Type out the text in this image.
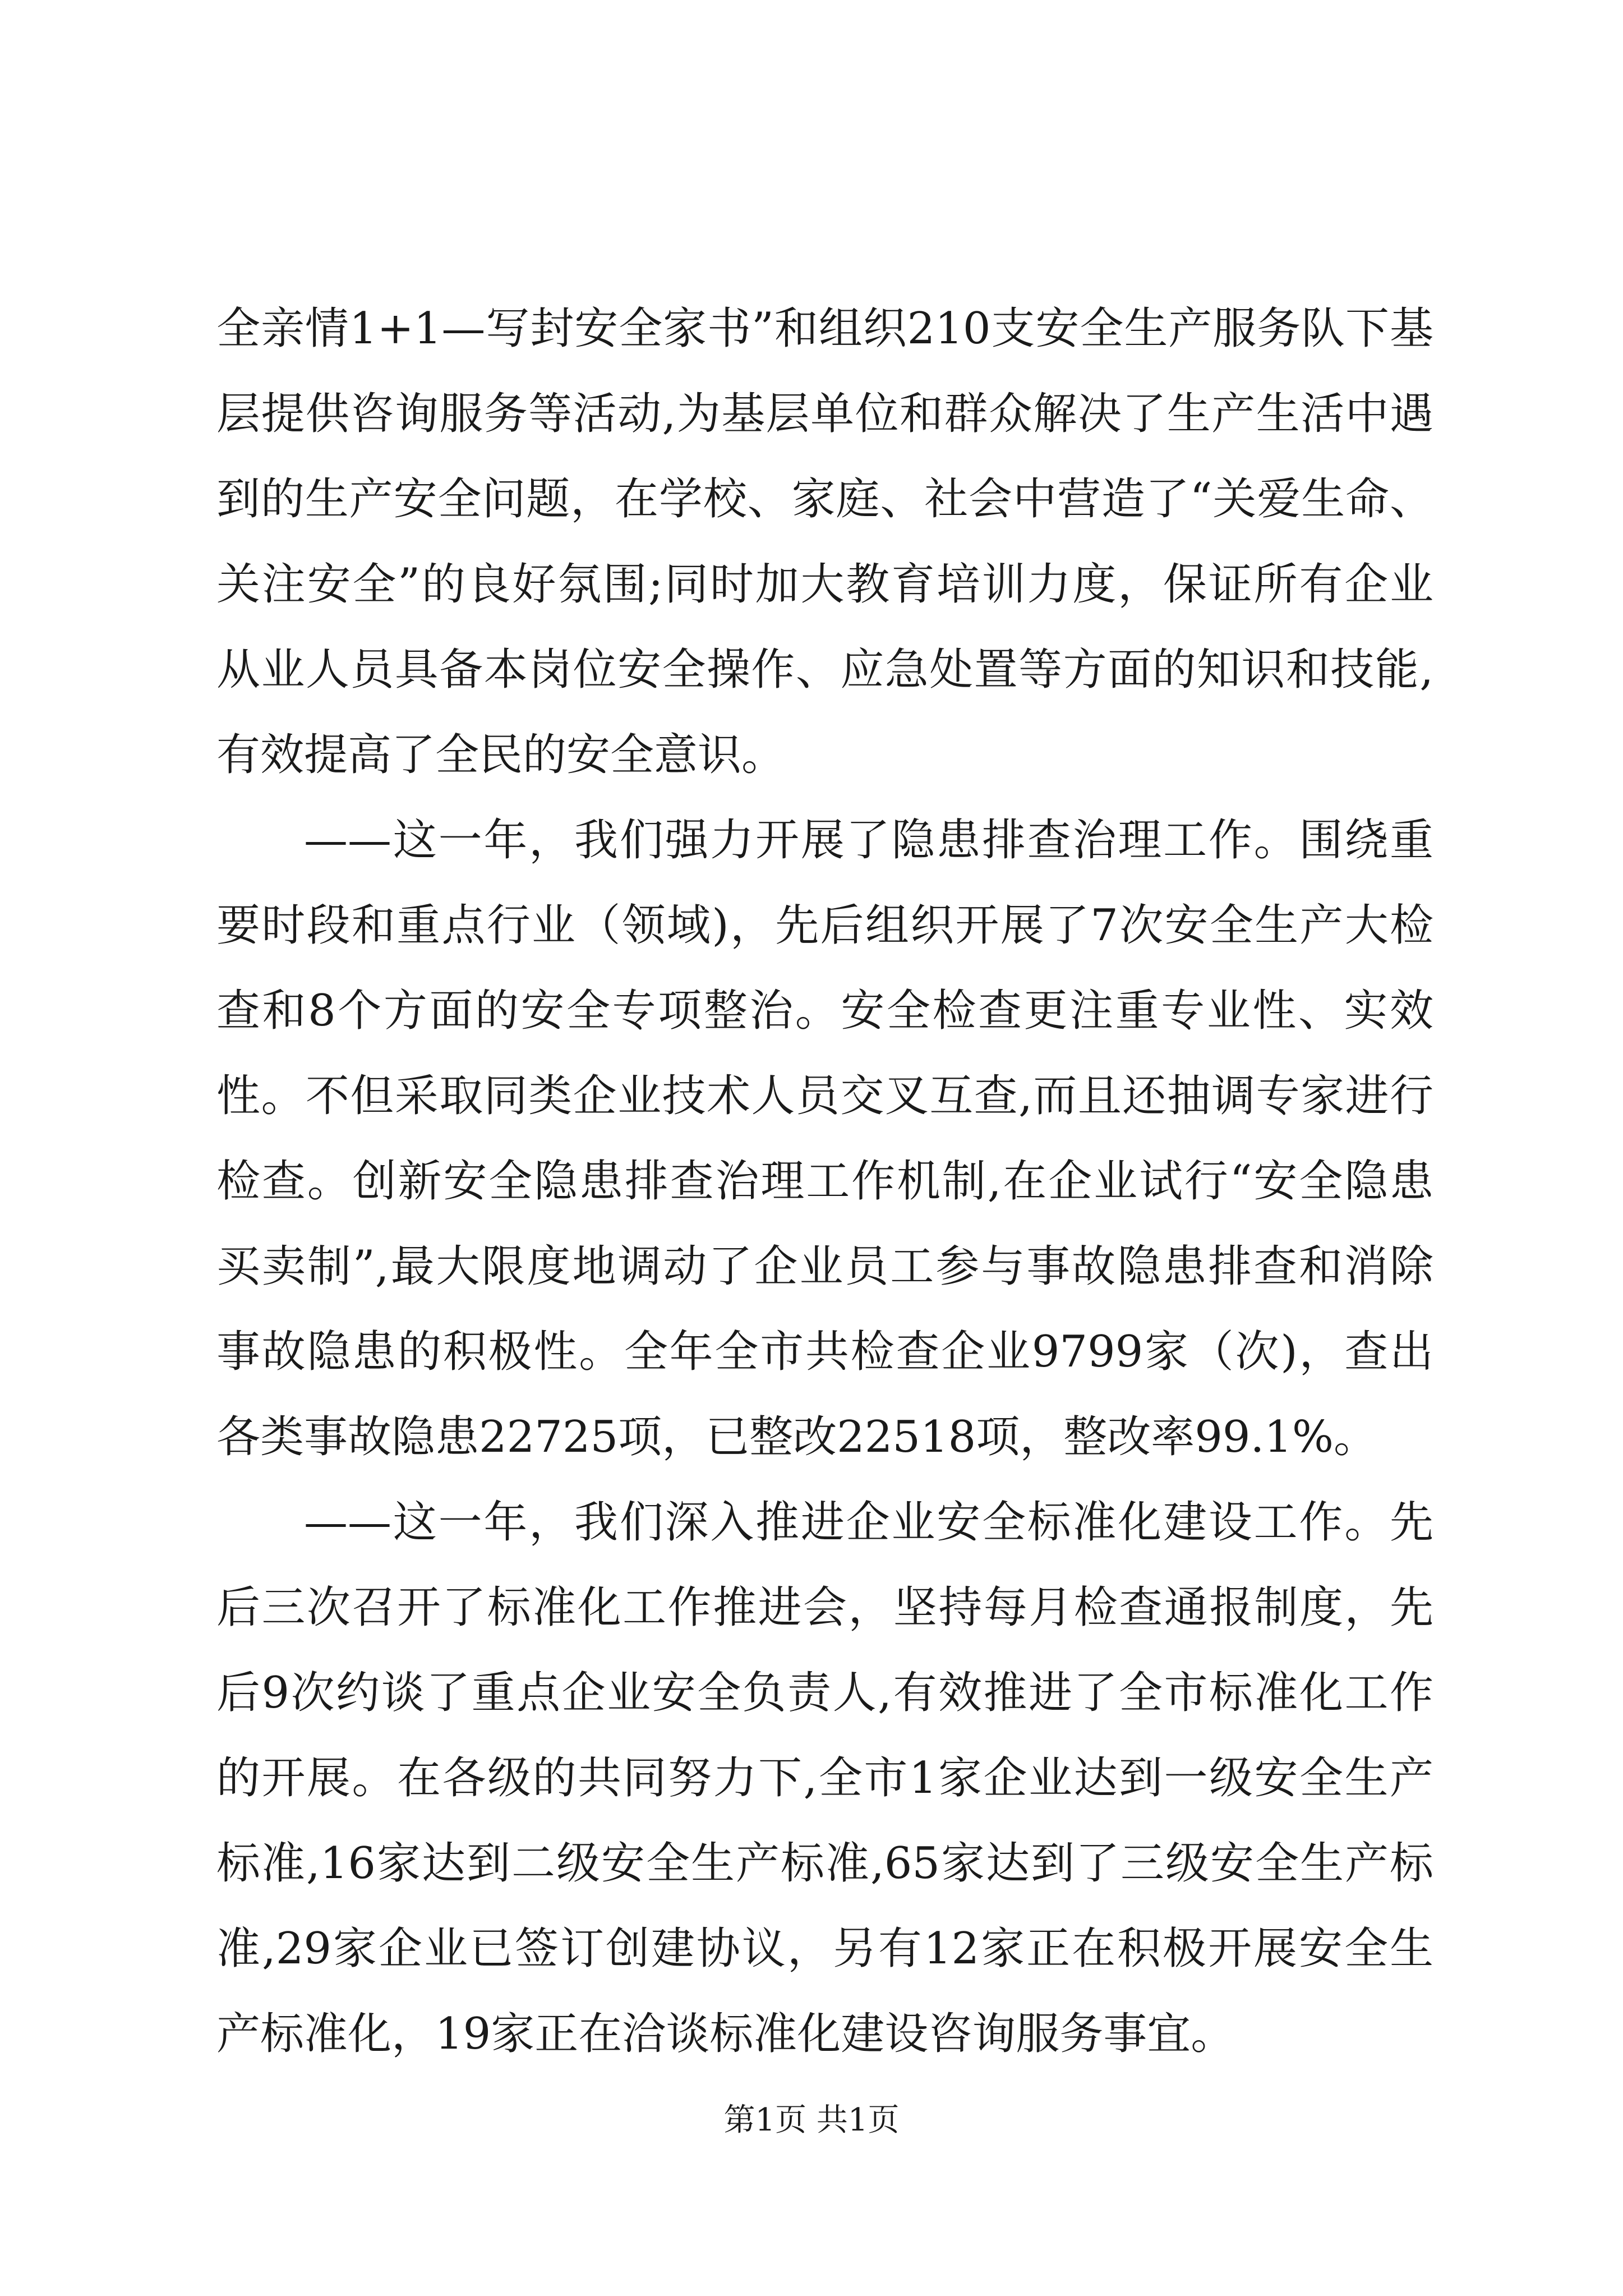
全亲情1+1—写封安全家书”和组织210支安全生产服务队下基层提供咨询服务等活动,为基层单位和群众解决了生产生活中遇到的生产安全问题，在学校、家庭、社会中营造了“关爱生命、关注安全”的良好氛围;同时加大教育培训力度，保证所有企业从业人员具备本岗位安全操作、应急处置等方面的知识和技能,有效提高了全民的安全意识。

——这一年，我们强力开展了隐患排查治理工作。围绕重要时段和重点行业（领域)，先后组织开展了7次安全生产大检查和8个方面的安全专项整治。安全检查更注重专业性、实效性。不但采取同类企业技术人员交叉互查,而且还抽调专家进行检查。创新安全隐患排查治理工作机制,在企业试行“安全隐患买卖制”,最大限度地调动了企业员工参与事故隐患排查和消除事故隐患的积极性。全年全市共检查企业9799家（次)，查出各类事故隐患22725项，已整改22518项，整改率99.1%。

——这一年，我们深入推进企业安全标准化建设工作。先后三次召开了标准化工作推进会，坚持每月检查通报制度，先后9次约谈了重点企业安全负责人,有效推进了全市标准化工作的开展。在各级的共同努力下,全市1家企业达到一级安全生产标准,16家达到二级安全生产标准,65家达到了三级安全生产标准,29家企业已签订创建协议，另有12家正在积极开展安全生产标准化，19家正在洽谈标准化建设咨询服务事宜。

第1页 共1页
